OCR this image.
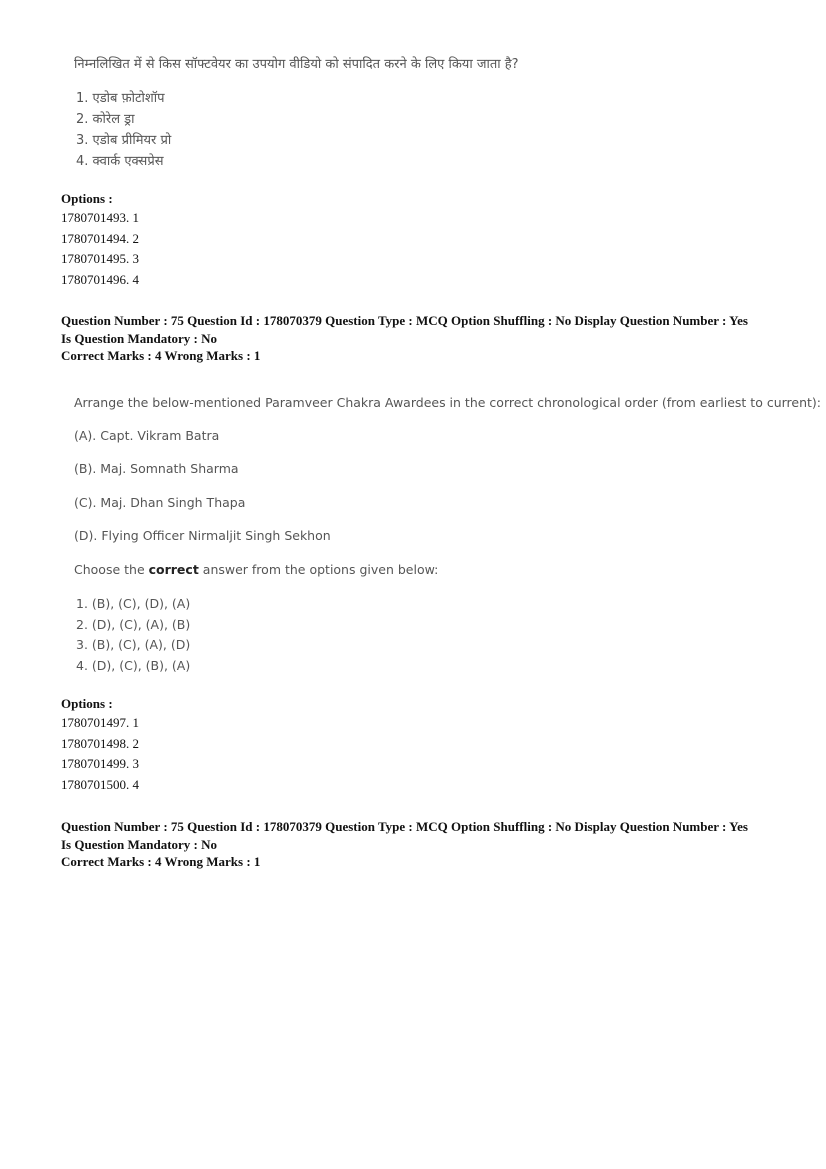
निम्नलिखित में से किस सॉफ्टवेयर का उपयोग वीडियो को संपादित करने के लिए किया जाता है?
1. एडोब फ़ोटोशॉप
2. कोरेल ड्रा
3. एडोब प्रीमियर प्रो
4. क्वार्क एक्सप्रेस
Options :
1780701493. 1
1780701494. 2
1780701495. 3
1780701496. 4
Question Number : 75 Question Id : 178070379 Question Type : MCQ Option Shuffling : No Display Question Number : Yes
Is Question Mandatory : No
Correct Marks : 4 Wrong Marks : 1
Arrange the below-mentioned Paramveer Chakra Awardees in the correct chronological order (from earliest to current):
(A). Capt. Vikram Batra
(B). Maj. Somnath Sharma
(C). Maj. Dhan Singh Thapa
(D). Flying Officer Nirmaljit Singh Sekhon
Choose the correct answer from the options given below:
1. (B), (C), (D), (A)
2. (D), (C), (A), (B)
3. (B), (C), (A), (D)
4. (D), (C), (B), (A)
Options :
1780701497. 1
1780701498. 2
1780701499. 3
1780701500. 4
Question Number : 75 Question Id : 178070379 Question Type : MCQ Option Shuffling : No Display Question Number : Yes
Is Question Mandatory : No
Correct Marks : 4 Wrong Marks : 1
